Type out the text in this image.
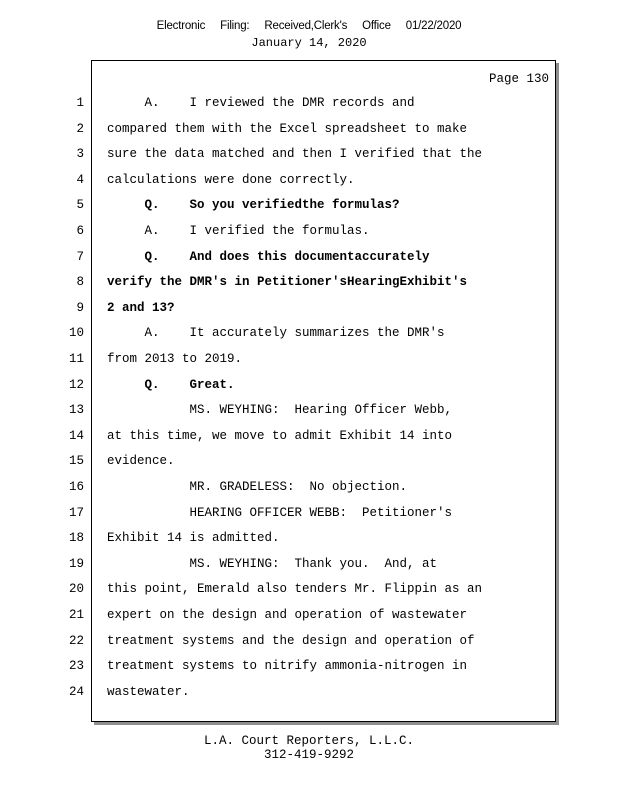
Electronic Filing: Received,Clerk's Office 01/22/2020
January 14, 2020
Page 130
1 A.    I reviewed the DMR records and
2 compared them with the Excel spreadsheet to make
3 sure the data matched and then I verified that the
4 calculations were done correctly.
5 Q.    So you verifiedthe formulas?
6 A.    I verified the formulas.
7 Q.    And does this documentaccurately
8 verify the DMR's in Petitioner'sHearingExhibit's
9 2 and 13?
10 A.    It accurately summarizes the DMR's
11 from 2013 to 2019.
12 Q.    Great.
13 MS. WEYHING:  Hearing Officer Webb,
14 at this time, we move to admit Exhibit 14 into
15 evidence.
16 MR. GRADELESS:  No objection.
17 HEARING OFFICER WEBB:  Petitioner's
18 Exhibit 14 is admitted.
19 MS. WEYHING:  Thank you.  And, at
20 this point, Emerald also tenders Mr. Flippin as an
21 expert on the design and operation of wastewater
22 treatment systems and the design and operation of
23 treatment systems to nitrify ammonia-nitrogen in
24 wastewater.
L.A. Court Reporters, L.L.C.
312-419-9292
